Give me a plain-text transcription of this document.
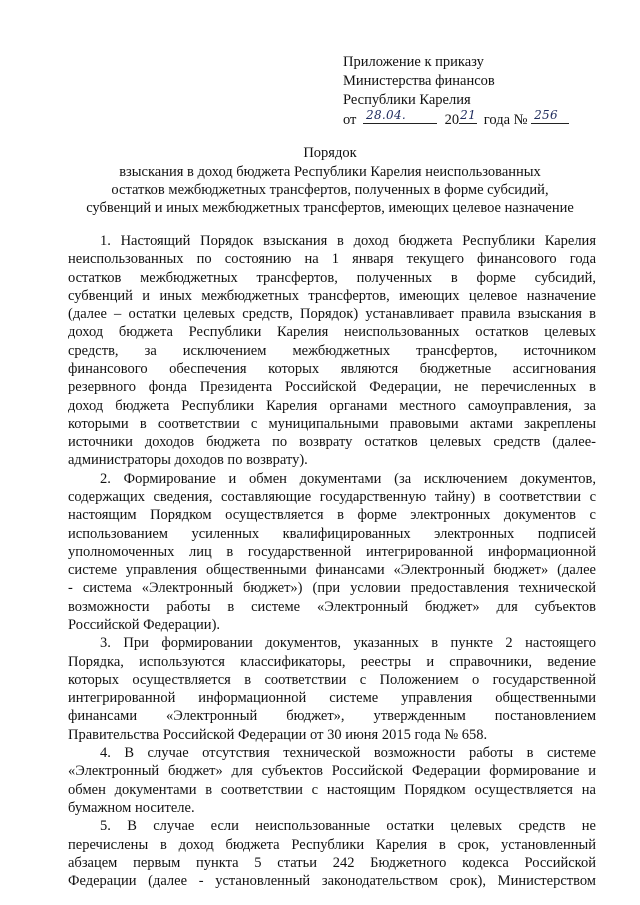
Приложение к приказу
Министерства финансов
Республики Карелия
от 28.04.	20 21 года № 256
Порядок
взыскания в доход бюджета Республики Карелия неиспользованных
остатков межбюджетных трансфертов, полученных в форме субсидий,
субвенций и иных межбюджетных трансфертов, имеющих целевое назначение
1. Настоящий Порядок взыскания в доход бюджета Республики Карелия
неиспользованных по состоянию на 1 января текущего финансового года
остатков межбюджетных трансфертов, полученных в форме субсидий,
субвенций и иных межбюджетных трансфертов, имеющих целевое назначение
(далее – остатки целевых средств, Порядок) устанавливает правила взыскания в
доход бюджета Республики Карелия неиспользованных остатков целевых
средств, за исключением межбюджетных трансфертов, источником
финансового обеспечения которых являются бюджетные ассигнования
резервного фонда Президента Российской Федерации, не перечисленных в
доход бюджета Республики Карелия органами местного самоуправления, за
которыми в соответствии с муниципальными правовыми актами закреплены
источники доходов бюджета по возврату остатков целевых средств (далее-
администраторы доходов по возврату).
2. Формирование и обмен документами (за исключением документов,
содержащих сведения, составляющие государственную тайну) в соответствии с
настоящим Порядком осуществляется в форме электронных документов с
использованием усиленных квалифицированных электронных подписей
уполномоченных лиц в государственной интегрированной информационной
системе управления общественными финансами «Электронный бюджет» (далее
- система «Электронный бюджет») (при условии предоставления технической
возможности работы в системе «Электронный бюджет» для субъектов
Российской Федерации).
3. При формировании документов, указанных в пункте 2 настоящего
Порядка, используются классификаторы, реестры и справочники, ведение
которых осуществляется в соответствии с Положением о государственной
интегрированной информационной системе управления общественными
финансами «Электронный бюджет», утвержденным постановлением
Правительства Российской Федерации от 30 июня 2015 года № 658.
4. В случае отсутствия технической возможности работы в системе
«Электронный бюджет» для субъектов Российской Федерации формирование и
обмен документами в соответствии с настоящим Порядком осуществляется на
бумажном носителе.
5. В случае если неиспользованные остатки целевых средств не
перечислены в доход бюджета Республики Карелия в срок, установленный
абзацем первым пункта 5 статьи 242 Бюджетного кодекса Российской
Федерации (далее - установленный законодательством срок), Министерством
